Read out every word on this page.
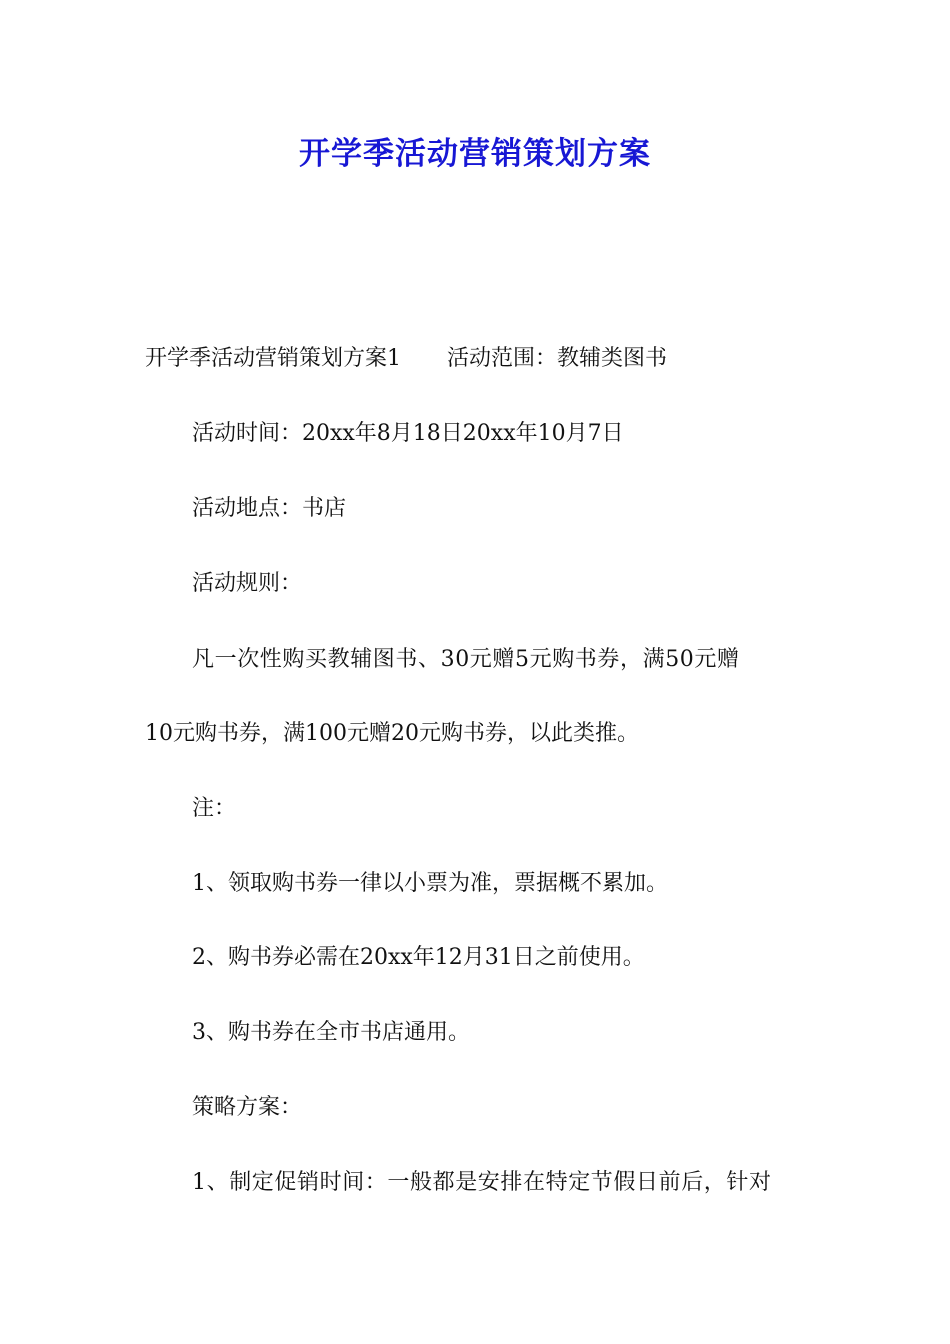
开学季活动营销策划方案
开学季活动营销策划方案1 活动范围：教辅类图书
活动时间：20xx年8月18日20xx年10月7日
活动地点：书店
活动规则：
凡一次性购买教辅图书、30元赠5元购书券，满50元赠
10元购书券，满100元赠20元购书券，以此类推。
注：
1、领取购书券一律以小票为准，票据概不累加。
2、购书券必需在20xx年12月31日之前使用。
3、购书券在全市书店通用。
策略方案：
1、制定促销时间：一般都是安排在特定节假日前后，针对
